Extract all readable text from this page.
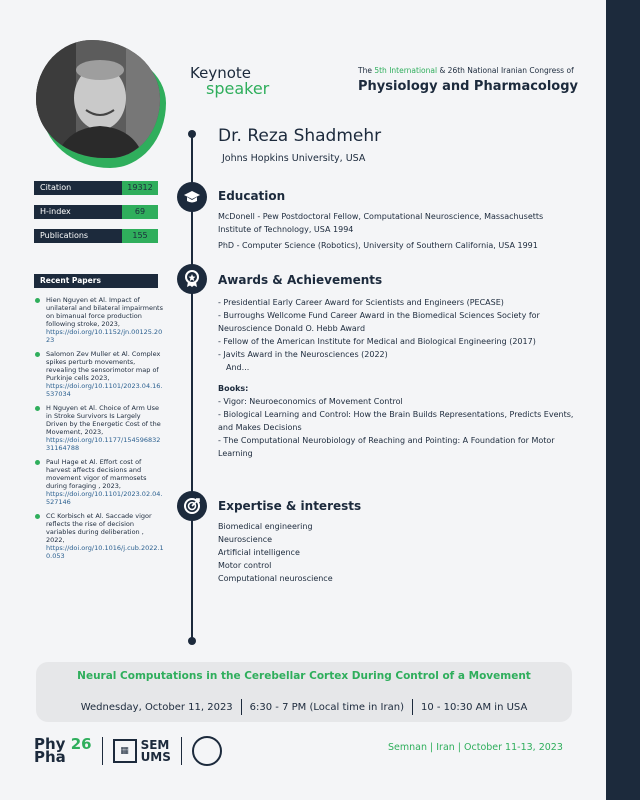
Keynote
speaker
The 5th International & 26th National Iranian Congress of
Physiology and Pharmacology
Dr. Reza Shadmehr
Johns Hopkins University, USA
Education

McDonell - Pew Postdoctoral Fellow, Computational Neuroscience, Massachusetts Institute of Technology, USA 1994

PhD - Computer Science (Robotics), University of Southern California, USA 1991

Awards & Achievements

- Presidential Early Career Award for Scientists and Engineers (PECASE)

- Burroughs Wellcome Fund Career Award in the Biomedical Sciences Society for Neuroscience Donald O. Hebb Award

- Fellow of the American Institute for Medical and Biological Engineering (2017)

- Javits Award in the Neurosciences (2022)

And...

Books:

- Vigor: Neuroeconomics of Movement Control

- Biological Learning and Control: How the Brain Builds Representations, Predicts Events, and Makes Decisions

- The Computational Neurobiology of Reaching and Pointing: A Foundation for Motor Learning

Expertise & interests

Biomedical engineering

Neuroscience

Artificial intelligence

Motor control

Computational neuroscience

Citation	19312
H-index	69
Publications	155
Recent Papers
Hien Nguyen et Al. Impact of unilateral and bilateral impairments on bimanual force production following stroke, 2023,
https://doi.org/10.1152/jn.00125.2023
Salomon Zev Muller et Al. Complex spikes perturb movements, revealing the sensorimotor map of Purkinje cells 2023,
https://doi.org/10.1101/2023.04.16.537034
H Nguyen et Al. Choice of Arm Use in Stroke Survivors Is Largely Driven by the Energetic Cost of the Movement, 2023,
https://doi.org/10.1177/15459683231164788
Paul Hage et Al. Effort cost of harvest affects decisions and movement vigor of marmosets during foraging , 2023,
https://doi.org/10.1101/2023.02.04.527146
CC Korbisch et Al. Saccade vigor reflects the rise of decision variables during deliberation , 2022,
https://doi.org/10.1016/j.cub.2022.10.053
Neural Computations in the Cerebellar Cortex During Control of a Movement
Wednesday, October 11, 2023 6:30 - 7 PM (Local time in Iran) 10 - 10:30 AM in USA
Phy 26
Pha	▦ SEM
UMS
Semnan | Iran | October 11-13, 2023
